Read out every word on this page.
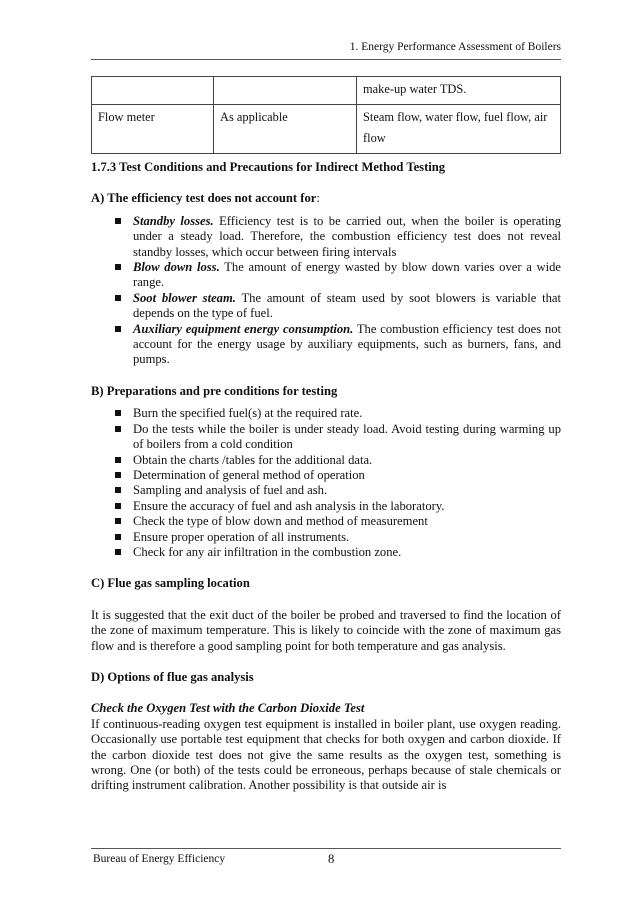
1. Energy Performance Assessment of Boilers
		make-up water TDS.
Flow meter	As applicable	Steam flow, water flow, fuel flow, air flow
1.7.3 Test Conditions and Precautions for Indirect Method Testing
A) The efficiency test does not account for:
Standby losses. Efficiency test is to be carried out, when the boiler is operating under a steady load. Therefore, the combustion efficiency test does not reveal standby losses, which occur between firing intervals
Blow down loss. The amount of energy wasted by blow down varies over a wide range.
Soot blower steam. The amount of steam used by soot blowers is variable that depends on the type of fuel.
Auxiliary equipment energy consumption. The combustion efficiency test does not account for the energy usage by auxiliary equipments, such as burners, fans, and pumps.
B) Preparations and pre conditions for testing
Burn the specified fuel(s) at the required rate.
Do the tests while the boiler is under steady load. Avoid testing during warming up of boilers from a cold condition
Obtain the charts /tables for the additional data.
Determination of general method of operation
Sampling and analysis of fuel and ash.
Ensure the accuracy of fuel and ash analysis in the laboratory.
Check the type of blow down and method of measurement
Ensure proper operation of all instruments.
Check for any air infiltration in the combustion zone.
C) Flue gas sampling location

It is suggested that the exit duct of the boiler be probed and traversed to find the location of the zone of maximum temperature. This is likely to coincide with the zone of maximum gas flow and is therefore a good sampling point for both temperature and gas analysis.

D) Options of flue gas analysis

Check the Oxygen Test with the Carbon Dioxide Test

If continuous-reading oxygen test equipment is installed in boiler plant, use oxygen reading. Occasionally use portable test equipment that checks for both oxygen and carbon dioxide. If the carbon dioxide test does not give the same results as the oxygen test, something is wrong. One (or both) of the tests could be erroneous, perhaps because of stale chemicals or drifting instrument calibration. Another possibility is that outside air is

Bureau of Energy Efficiency	8
